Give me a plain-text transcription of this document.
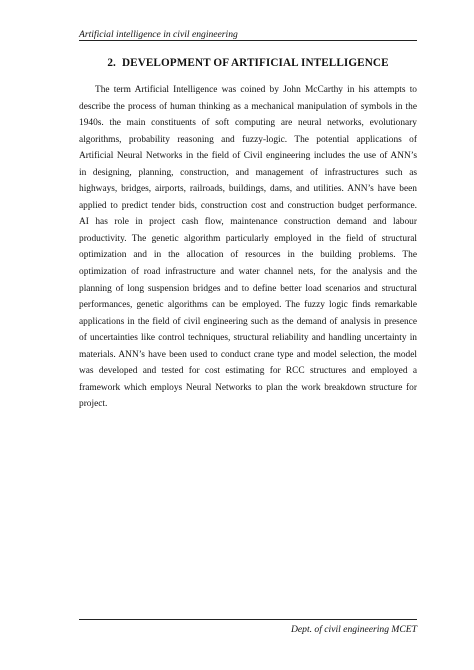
Artificial intelligence in civil engineering
2. DEVELOPMENT OF ARTIFICIAL INTELLIGENCE

The term Artificial Intelligence was coined by John McCarthy in his attempts to
describe the process of human thinking as a mechanical manipulation of symbols in the
1940s. the main constituents of soft computing are neural networks, evolutionary
algorithms, probability reasoning and fuzzy-logic. The potential applications of
Artificial Neural Networks in the field of Civil engineering includes the use of ANN’s
in designing, planning, construction, and management of infrastructures such as
highways, bridges, airports, railroads, buildings, dams, and utilities. ANN’s have been
applied to predict tender bids, construction cost and construction budget performance.
AI has role in project cash flow, maintenance construction demand and labour
productivity. The genetic algorithm particularly employed in the field of structural
optimization and in the allocation of resources in the building problems. The
optimization of road infrastructure and water channel nets, for the analysis and the
planning of long suspension bridges and to define better load scenarios and structural
performances, genetic algorithms can be employed. The fuzzy logic finds remarkable
applications in the field of civil engineering such as the demand of analysis in presence
of uncertainties like control techniques, structural reliability and handling uncertainty in
materials. ANN’s have been used to conduct crane type and model selection, the model
was developed and tested for cost estimating for RCC structures and employed a
framework which employs Neural Networks to plan the work breakdown structure for
project.

Dept. of civil engineering MCET
